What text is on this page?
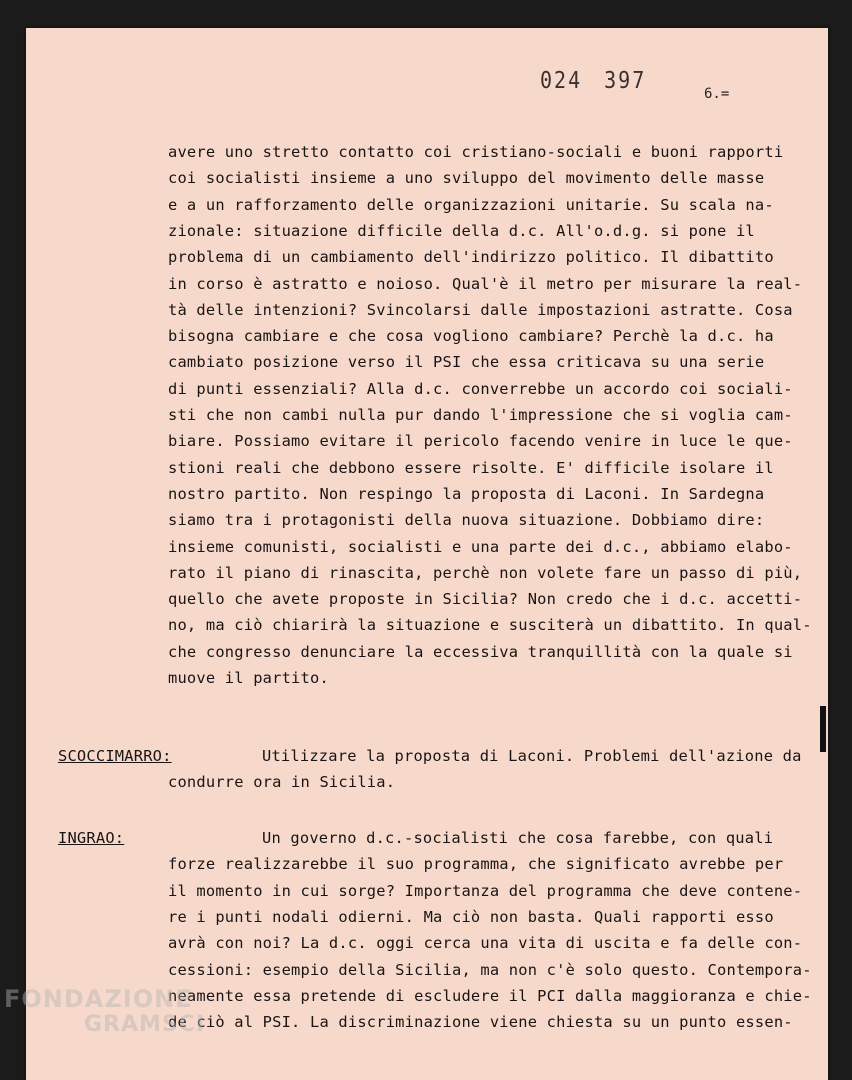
024 397
6.=
avere uno stretto contatto coi cristiano-sociali e buoni rapporti
coi socialisti insieme a uno sviluppo del movimento delle masse
e a un rafforzamento delle organizzazioni unitarie. Su scala na-
zionale: situazione difficile della d.c. All'o.d.g. si pone il
problema di un cambiamento dell'indirizzo politico. Il dibattito
in corso è astratto e noioso. Qual'è il metro per misurare la real-
tà delle intenzioni? Svincolarsi dalle impostazioni astratte. Cosa
bisogna cambiare e che cosa vogliono cambiare? Perchè la d.c. ha
cambiato posizione verso il PSI che essa criticava su una serie
di punti essenziali? Alla d.c. converrebbe un accordo coi sociali-
sti che non cambi nulla pur dando l'impressione che si voglia cam-
biare. Possiamo evitare il pericolo facendo venire in luce le que-
stioni reali che debbono essere risolte. E' difficile isolare il
nostro partito. Non respingo la proposta di Laconi. In Sardegna
siamo tra i protagonisti della nuova situazione. Dobbiamo dire:
insieme comunisti, socialisti e una parte dei d.c., abbiamo elabo-
rato il piano di rinascita, perchè non volete fare un passo di più,
quello che avete proposte in Sicilia? Non credo che i d.c. accetti-
no, ma ciò chiarirà la situazione e susciterà un dibattito. In qual-
che congresso denunciare la eccessiva tranquillità con la quale si
muove il partito.
SCOCCIMARRO:	Utilizzare la proposta di Laconi. Problemi dell'azione da
condurre ora in Sicilia.
INGRAO:	Un governo d.c.-socialisti che cosa farebbe, con quali
forze realizzarebbe il suo programma, che significato avrebbe per
il momento in cui sorge? Importanza del programma che deve contene-
re i punti nodali odierni. Ma ciò non basta. Quali rapporti esso
avrà con noi? La d.c. oggi cerca una vita di uscita e fa delle con-
cessioni: esempio della Sicilia, ma non c'è solo questo. Contempora-
neamente essa pretende di escludere il PCI dalla maggioranza e chie-
de ciò al PSI. La discriminazione viene chiesta su un punto essen-
FONDAZIONE
GRAMSCI
